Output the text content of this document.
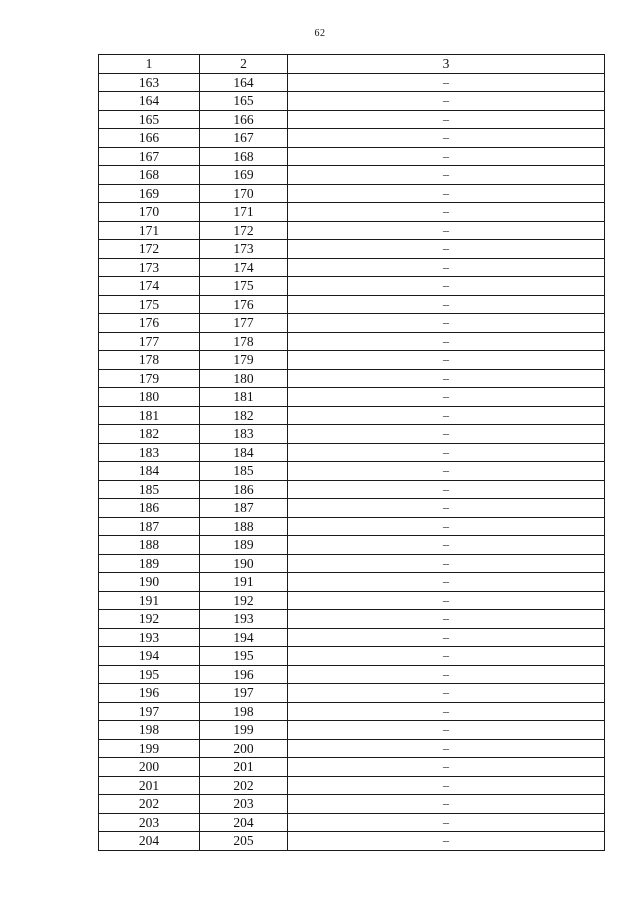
62
1	2	3
163	164	–
164	165	–
165	166	–
166	167	–
167	168	–
168	169	–
169	170	–
170	171	–
171	172	–
172	173	–
173	174	–
174	175	–
175	176	–
176	177	–
177	178	–
178	179	–
179	180	–
180	181	–
181	182	–
182	183	–
183	184	–
184	185	–
185	186	–
186	187	–
187	188	–
188	189	–
189	190	–
190	191	–
191	192	–
192	193	–
193	194	–
194	195	–
195	196	–
196	197	–
197	198	–
198	199	–
199	200	–
200	201	–
201	202	–
202	203	–
203	204	–
204	205	–
